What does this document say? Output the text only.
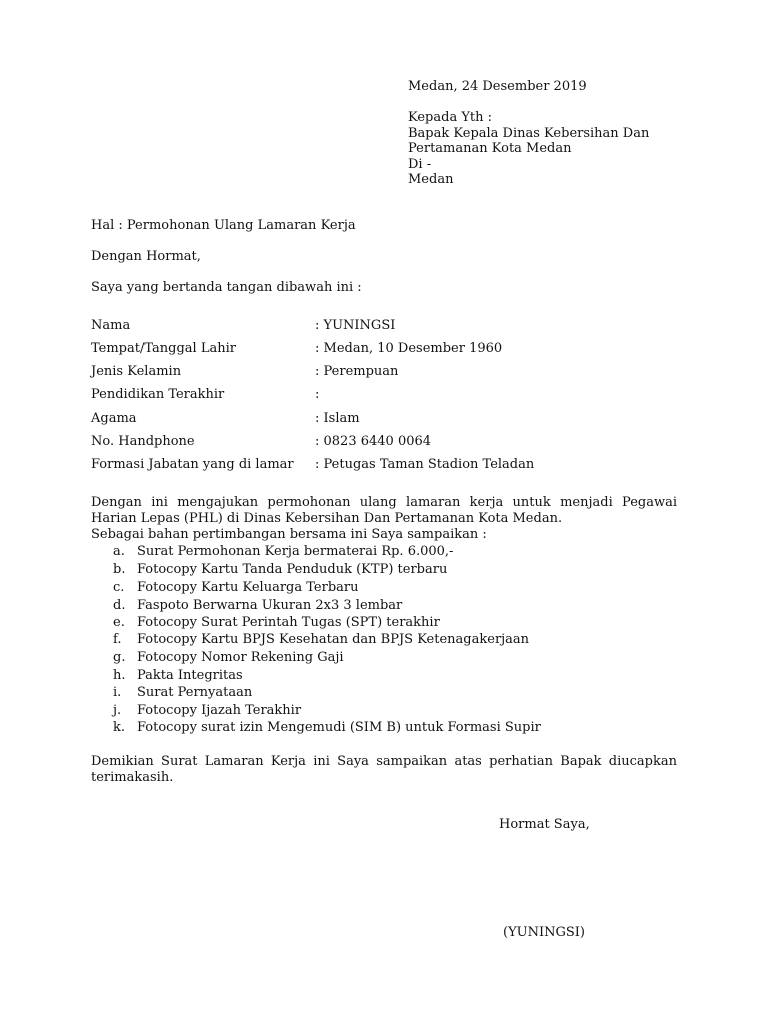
Medan, 24 Desember 2019
Kepada Yth :
Bapak Kepala Dinas Kebersihan Dan
Pertamanan Kota Medan
Di -
Medan
Hal : Permohonan Ulang Lamaran Kerja
Dengan Hormat,
Saya yang bertanda tangan dibawah ini :
Nama	: YUNINGSI
Tempat/Tanggal Lahir	: Medan, 10 Desember 1960
Jenis Kelamin	: Perempuan
Pendidikan Terakhir	:
Agama	: Islam
No. Handphone	: 0823 6440 0064
Formasi Jabatan yang di lamar : Petugas Taman Stadion Teladan
Dengan ini mengajukan permohonan ulang lamaran kerja untuk menjadi Pegawai Harian Lepas (PHL) di Dinas Kebersihan Dan Pertamanan Kota Medan.
Sebagai bahan pertimbangan bersama ini Saya sampaikan :
a. Surat Permohonan Kerja bermaterai Rp. 6.000,-
b. Fotocopy Kartu Tanda Penduduk (KTP) terbaru
c. Fotocopy Kartu Keluarga Terbaru
d. Faspoto Berwarna Ukuran 2x3 3 lembar
e. Fotocopy Surat Perintah Tugas (SPT) terakhir
f. Fotocopy Kartu BPJS Kesehatan dan BPJS Ketenagakerjaan
g. Fotocopy Nomor Rekening Gaji
h. Pakta Integritas
i. Surat Pernyataan
j. Fotocopy Ijazah Terakhir
k. Fotocopy surat izin Mengemudi (SIM B) untuk Formasi Supir
Demikian Surat Lamaran Kerja ini Saya sampaikan atas perhatian Bapak diucapkan terimakasih.
Hormat Saya,
(YUNINGSI)
